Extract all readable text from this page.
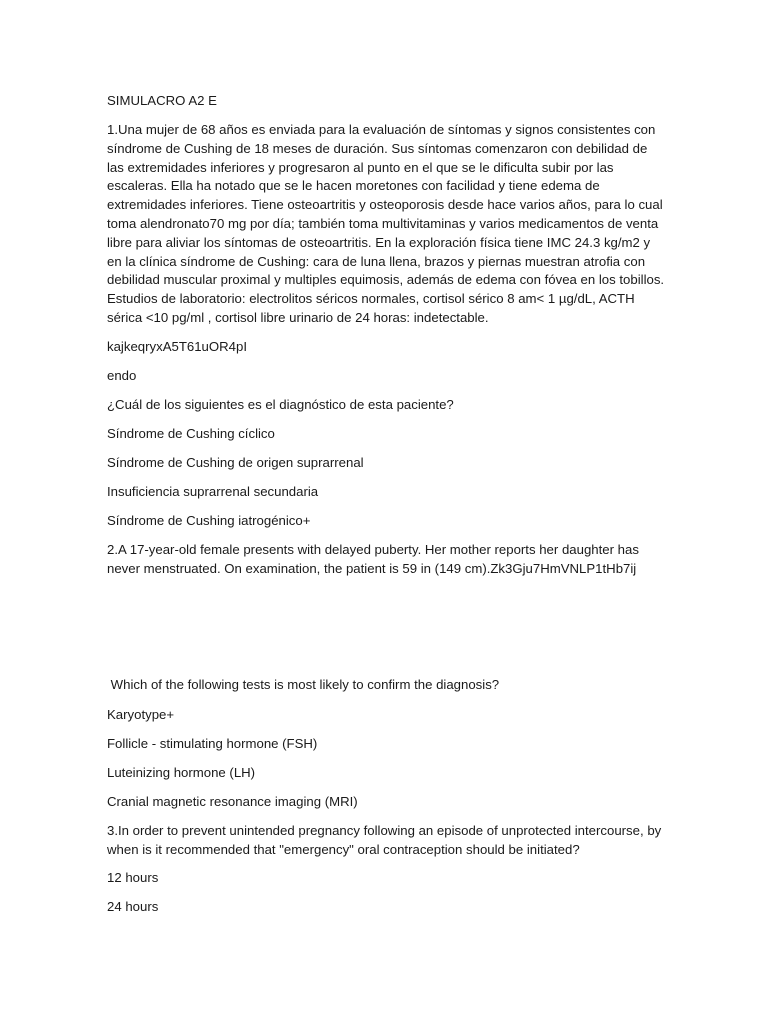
SIMULACRO A2 E

1.Una mujer de 68 años es enviada para la evaluación de síntomas y signos consistentes con síndrome de Cushing de 18 meses de duración. Sus síntomas comenzaron con debilidad de las extremidades inferiores y progresaron al punto en el que se le dificulta subir por las escaleras. Ella ha notado que se le hacen moretones con facilidad y tiene edema de extremidades inferiores. Tiene osteoartritis y osteoporosis desde hace varios años, para lo cual toma alendronato70 mg por día; también toma multivitaminas y varios medicamentos de venta libre para aliviar los síntomas de osteoartritis. En la exploración física tiene IMC 24.3 kg/m2 y en la clínica síndrome de Cushing: cara de luna llena, brazos y piernas muestran atrofia con debilidad muscular proximal y multiples equimosis, además de edema con fóvea en los tobillos. Estudios de laboratorio: electrolitos séricos normales, cortisol sérico 8 am< 1 µg/dL, ACTH sérica <10 pg/ml , cortisol libre urinario de 24 horas: indetectable.

kajkeqryxA5T61uOR4pI

endo

¿Cuál de los siguientes es el diagnóstico de esta paciente?

Síndrome de Cushing cíclico

Síndrome de Cushing de origen suprarrenal

Insuficiencia suprarrenal secundaria

Síndrome de Cushing iatrogénico+

2.A 17-year-old female presents with delayed puberty. Her mother reports her daughter has never menstruated. On examination, the patient is 59 in (149 cm).Zk3Gju7HmVNLP1tHb7ij

Which of the following tests is most likely to confirm the diagnosis?

Karyotype+

Follicle - stimulating hormone (FSH)

Luteinizing hormone (LH)

Cranial magnetic resonance imaging (MRI)

3.In order to prevent unintended pregnancy following an episode of unprotected intercourse, by when is it recommended that "emergency" oral contraception should be initiated?

12 hours

24 hours
